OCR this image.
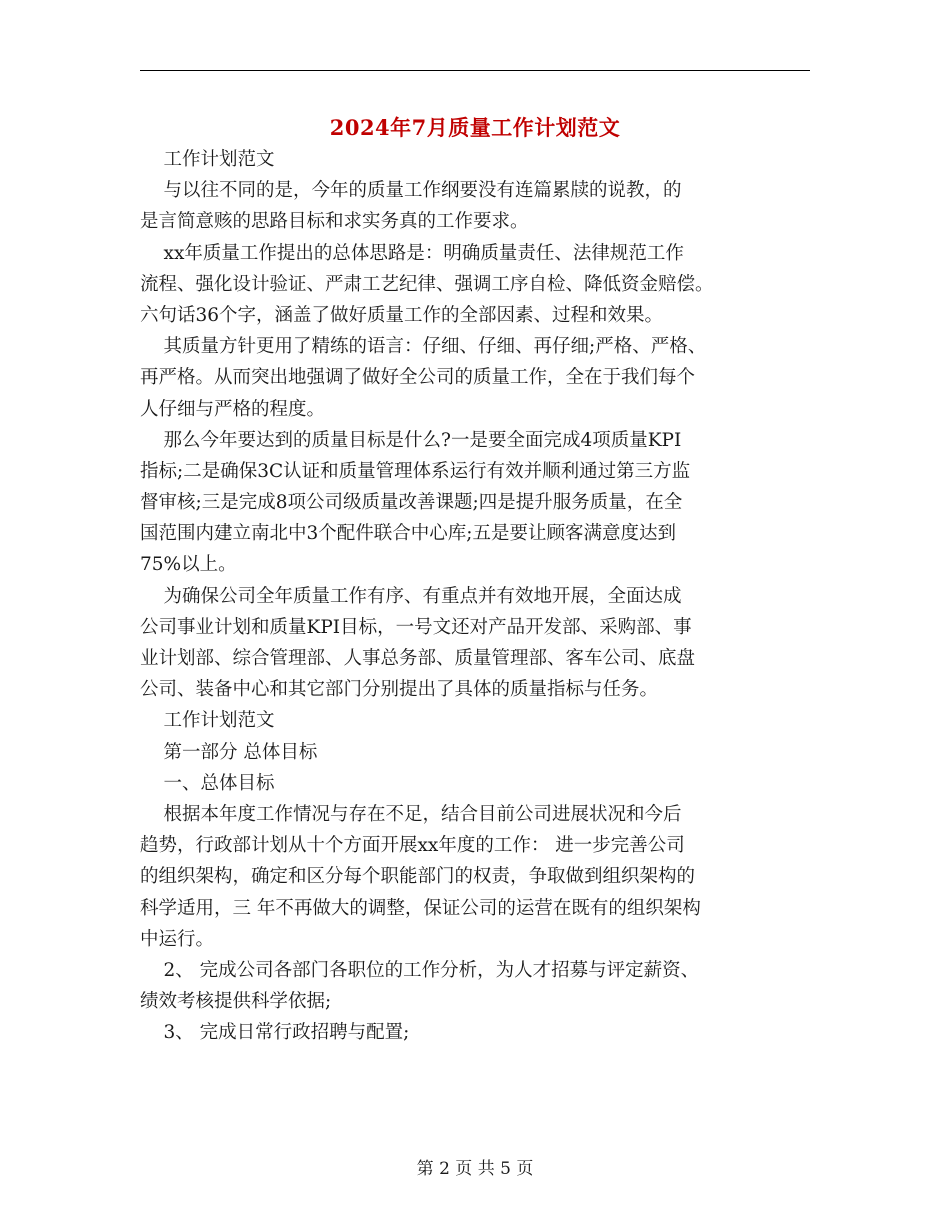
2024年7月质量工作计划范文
工作计划范文
与以往不同的是，今年的质量工作纲要没有连篇累牍的说教，的
是言简意赅的思路目标和求实务真的工作要求。
xx年质量工作提出的总体思路是：明确质量责任、法律规范工作
流程、强化设计验证、严肃工艺纪律、强调工序自检、降低资金赔偿。
六句话36个字，涵盖了做好质量工作的全部因素、过程和效果。
其质量方针更用了精练的语言：仔细、仔细、再仔细;严格、严格、
再严格。从而突出地强调了做好全公司的质量工作，全在于我们每个
人仔细与严格的程度。
那么今年要达到的质量目标是什么?一是要全面完成4项质量KPI
指标;二是确保3C认证和质量管理体系运行有效并顺利通过第三方监
督审核;三是完成8项公司级质量改善课题;四是提升服务质量，在全
国范围内建立南北中3个配件联合中心库;五是要让顾客满意度达到
75%以上。
为确保公司全年质量工作有序、有重点并有效地开展，全面达成
公司事业计划和质量KPI目标，一号文还对产品开发部、采购部、事
业计划部、综合管理部、人事总务部、质量管理部、客车公司、底盘
公司、装备中心和其它部门分别提出了具体的质量指标与任务。
工作计划范文
第一部分 总体目标
一、总体目标
根据本年度工作情况与存在不足，结合目前公司进展状况和今后
趋势，行政部计划从十个方面开展xx年度的工作： 进一步完善公司
的组织架构，确定和区分每个职能部门的权责，争取做到组织架构的
科学适用，三 年不再做大的调整，保证公司的运营在既有的组织架构
中运行。
2、 完成公司各部门各职位的工作分析，为人才招募与评定薪资、
绩效考核提供科学依据;
3、 完成日常行政招聘与配置;
第 2 页 共 5 页
